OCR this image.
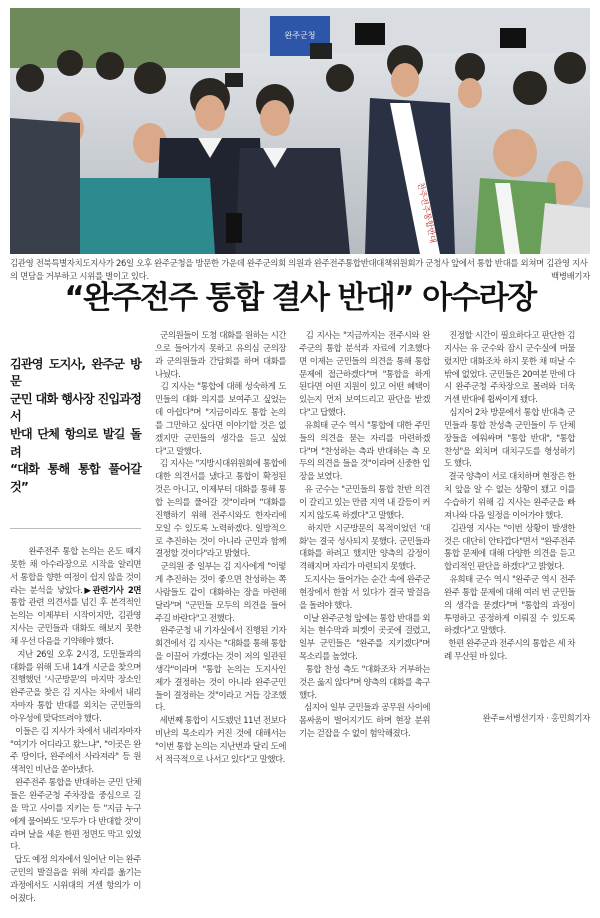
완주군청
찬주전주통합반대
김관영 전북특별자치도지사가 26일 오후 완주군청을 방문한 가운데 완주군의회 의원과 완주전주통합반대대책위원회가 군청사 앞에서 통합 반대를 외쳐며 김관영 지사의 면담을 거부하고 시위를 벌이고 있다.	백병배기자
“완주전주 통합 결사 반대” 아수라장

김관영 도지사, 완주군 방문
군민 대화 행사장 진입과정서
반대 단체 항의로 발길 돌려
“대화 통해 통합 풀어갈 것”

완주전주 통합 논의는 온도 때지 못한 채 아수라장으로 시작을 알리면서 통합을 향한 여정이 쉽지 않을 것이라는 분석을 낳았다.▶관련기사 2면  통합 관련 의견서를 넘긴 후 본격적인 논의는 이제부터 시작이지만, 김관영 지사는 군민들과 대화도 해보지 못한 채 우선 다음을 기약해야 했다.
지난 26일 오후 2시경, 도민들과의 대화를 위해 도내 14개 시군을 찾으며 진행했던 '시군방문'의 마지막 장소인 완주군을 찾은 김 지사는 차에서 내리자마자 통합 반대를 외치는 군민들의 아우성에 맞닥뜨려야 했다.
이들은 김 지사가 차에서 내리자마자 "여기가 어디라고 왔느냐", "이곳은 완주 땅이다, 완주에서 사라져라" 등 원색적인 비난을 쏟아냈다.
완주전주 통합을 반대하는 군민 단체들은 완주군청 주차장을 중심으로 길을 막고 사이를 지키는 등 "지금 누구에게 물어봐도 '모두가 다 반대할 것'이라며 날을 세운 한편 정면도 막고 있었다.
답도 예정 의자에서 일어난 이는 완주 군민의 발걸음을 위해 자리를 옮기는 과정에서도 시위대의 거센 항의가 이어졌다.

군의원들이 도청 대화를 원하는 시간으로 들어가지 못하고 유의심 군의장과 군의원들과 간담회를 하며 대화를 나눴다.
김 지사는 "통합에 대해 성숙하게 도민들의 대화 의지를 보여주고 싶었는데 아쉽다"며 "지금이라도 통합 논의를 그만하고 싶다면 이야기할 것은 없겠지만 군민들의 생각을 듣고 싶었다"고 말했다.
김 지사는 "지방시대위원회에 통합에 대한 의견서를 냈다고 통합이 확정된 것은 아니고, 이제부터 대화를 통해 통합 논의를 풀어갈 것"이라며 "대화를 진행하기 위해 전주시와도 한자리에 모일 수 있도록 노력하겠다. 일방적으로 추진하는 것이 아니라 군민과 함께 결정할 것이다"라고 밝혔다.
군의원 중 일부는 김 지사에게 "이렇게 추진하는 것이 좋으면 찬성하는 쪽 사람들도 같이 대화하는 장을 마련해 달라"며 "군민들 모두의 의견을 들어주길 바란다"고 전했다.
완주군청 내 기자실에서 진행된 기자회견에서 김 지사는 "대화를 통해 통합을 이끌어 가겠다는 것이 저의 일관된 생각"이라며 "통합 논의는 도지사인 제가 결정하는 것이 아니라 완주군민들이 결정하는 것"이라고 거듭 강조했다.
세번째 통합이 시도됐던 11년 전보다 비난의 목소리가 커진 것에 대해서는 "이번 통합 논의는 지난번과 달리 도에서 적극적으로 나서고 있다"고 말했다.
김 지사는 "지금까지는 전주시와 완주군의 통합 분석과 자료에 기초했다면 이제는 군민들의 의견을 통해 통합 문제에 접근하겠다"며 "통합을 하게 된다면 어떤 지원이 있고 어떤 혜택이 있는지 먼저 보여드리고 판단을 받겠다"고 답했다.
유희태 군수 역시 "통합에 대한 주민들의 의견을 묻는 자리를 마련하겠다"며 "찬성하는 측과 반대하는 측 모두의 의견을 들을 것"이라며 신중한 입장을 보였다.
유 군수는 "군민들의 통합 찬반 의견이 갈리고 있는 만큼 지역 내 갈등이 커지지 않도록 하겠다"고 말했다.
하지만 시군방문의 목적이었던 '대화'는 결국 성사되지 못했다. 군민들과 대화를 하려고 했지만 양측의 감정이 격해지며 자리가 마련되지 못했다.
도지사는 들어가는 순간 속에 완주군 현장에서 한참 서 있다가 결국 발걸음을 돌려야 했다.
이날 완주군청 앞에는 통합 반대를 외치는 현수막과 피켓이 곳곳에 걸렸고, 일부 군민들은 "완주를 지키겠다"며 목소리를 높였다.
통합 찬성 측도 "대화조차 거부하는 것은 옳지 않다"며 양측의 대화를 촉구했다.
심지어 일부 군민들과 공무원 사이에 몸싸움이 벌어지기도 하며 현장 분위기는 걷잡을 수 없이 험악해졌다.
진정할 시간이 필요하다고 판단한 김 지사는 유 군수와 잠시 군수실에 머물렀지만 대화조차 하지 못한 채 떠날 수밖에 없었다. 군민들은 20여분 만에 다시 완주군청 주차장으로 몰려와 더욱 거센 반대에 휩싸이게 됐다.
심지어 2차 방문에서 통합 반대측 군민들과 통합 찬성측 군민들이 두 단체장들을 에워싸며 "통합 반대", "통합 찬성"을 외치며 대치구도를 형성하기도 했다.
결국 양측이 서로 대치하며 현장은 한 치 앞을 알 수 없는 상황이 됐고 이를 수습하기 위해 김 지사는 완주군을 빠져나와 다음 일정을 이어가야 했다.
김관영 지사는 "이번 상황이 발생한 것은 대단히 안타깝다"면서 "완주전주 통합 문제에 대해 다양한 의견을 듣고 합리적인 판단을 하겠다"고 밝혔다.
유희태 군수 역시 "완주군 역시 전주 완주 통합 문제에 대해 여러 번 군민들의 생각을 묻겠다"며 "통합의 과정이 투명하고 공정하게 이뤄질 수 있도록 하겠다"고 말했다.
한편 완주군과 전주시의 통합은 세 차례 무산된 바 있다.
완주=서병선기자 · 홍민희기자
